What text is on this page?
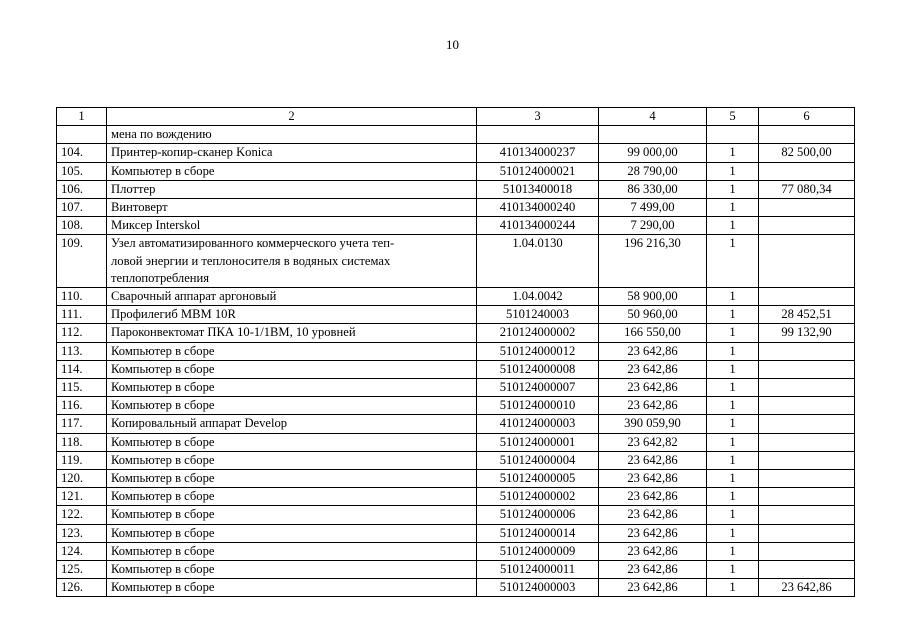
10
1	2	3	4	5	6
	мена по вождению				
104.	Принтер-копир-сканер Konica	410134000237	99 000,00	1	82 500,00
105.	Компьютер в сборе	510124000021	28 790,00	1	
106.	Плоттер	51013400018	86 330,00	1	77 080,34
107.	Винтоверт	410134000240	7 499,00	1	
108.	Миксер Interskol	410134000244	7 290,00	1	
109.	Узел автоматизированного коммерческого учета теп-
ловой энергии и теплоносителя в водяных системах
теплопотребления	1.04.0130	196 216,30	1	
110.	Сварочный аппарат аргоновый	1.04.0042	58 900,00	1	
111.	Профилегиб MBM 10R	5101240003	50 960,00	1	28 452,51
112.	Пароконвектомат ПКА 10-1/1ВМ, 10 уровней	210124000002	166 550,00	1	99 132,90
113.	Компьютер в сборе	510124000012	23 642,86	1	
114.	Компьютер в сборе	510124000008	23 642,86	1	
115.	Компьютер в сборе	510124000007	23 642,86	1	
116.	Компьютер в сборе	510124000010	23 642,86	1	
117.	Копировальный аппарат Develop	410124000003	390 059,90	1	
118.	Компьютер в сборе	510124000001	23 642,82	1	
119.	Компьютер в сборе	510124000004	23 642,86	1	
120.	Компьютер в сборе	510124000005	23 642,86	1	
121.	Компьютер в сборе	510124000002	23 642,86	1	
122.	Компьютер в сборе	510124000006	23 642,86	1	
123.	Компьютер в сборе	510124000014	23 642,86	1	
124.	Компьютер в сборе	510124000009	23 642,86	1	
125.	Компьютер в сборе	510124000011	23 642,86	1	
126.	Компьютер в сборе	510124000003	23 642,86	1	23 642,86
